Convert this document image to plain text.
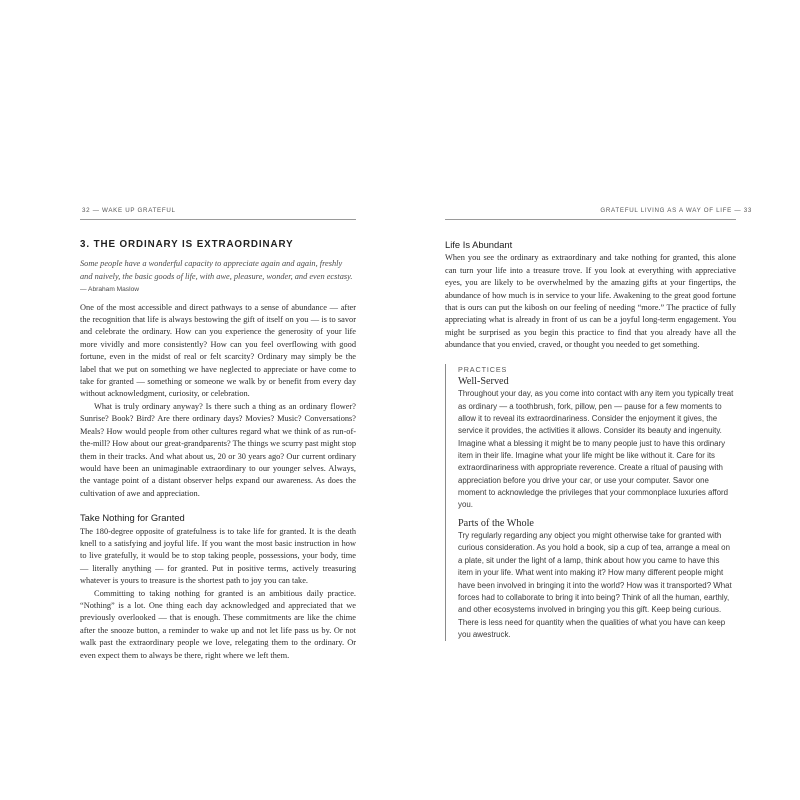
32 — WAKE UP GRATEFUL
3. THE ORDINARY IS EXTRAORDINARY

Some people have a wonderful capacity to appreciate again and again, freshly and naively, the basic goods of life, with awe, pleasure, wonder, and even ecstasy. — Abraham Maslow

One of the most accessible and direct pathways to a sense of abundance — after the recognition that life is always bestowing the gift of itself on you — is to savor and celebrate the ordinary. How can you experience the generosity of your life more vividly and more consistently? How can you feel overflowing with good fortune, even in the midst of real or felt scarcity? Ordinary may simply be the label that we put on something we have neglected to appreciate or have come to take for granted — something or someone we walk by or benefit from every day without acknowledgment, curiosity, or celebration.

What is truly ordinary anyway? Is there such a thing as an ordinary flower? Sunrise? Book? Bird? Are there ordinary days? Movies? Music? Conversations? Meals? How would people from other cultures regard what we think of as run-of-the-mill? How about our great-grandparents? The things we scurry past might stop them in their tracks. And what about us, 20 or 30 years ago? Our current ordinary would have been an unimaginable extraordinary to our younger selves. Always, the vantage point of a distant observer helps expand our awareness. As does the cultivation of awe and appreciation.

Take Nothing for Granted

The 180-degree opposite of gratefulness is to take life for granted. It is the death knell to a satisfying and joyful life. If you want the most basic instruction in how to live gratefully, it would be to stop taking people, possessions, your body, time — literally anything — for granted. Put in positive terms, actively treasuring whatever is yours to treasure is the shortest path to joy you can take.

Committing to taking nothing for granted is an ambitious daily practice. “Nothing” is a lot. One thing each day acknowledged and appreciated that we previously overlooked — that is enough. These commitments are like the chime after the snooze button, a reminder to wake up and not let life pass us by. Or not walk past the extraordinary people we love, relegating them to the ordinary. Or even expect them to always be there, right where we left them.

GRATEFUL LIVING AS A WAY OF LIFE — 33
Life Is Abundant

When you see the ordinary as extraordinary and take nothing for granted, this alone can turn your life into a treasure trove. If you look at everything with appreciative eyes, you are likely to be overwhelmed by the amazing gifts at your fingertips, the abundance of how much is in service to your life. Awakening to the great good fortune that is ours can put the kibosh on our feeling of needing “more.” The practice of fully appreciating what is already in front of us can be a joyful long-term engagement. You might be surprised as you begin this practice to find that you already have all the abundance that you envied, craved, or thought you needed to get something.

PRACTICES
Well-Served

Throughout your day, as you come into contact with any item you typically treat as ordinary — a toothbrush, fork, pillow, pen — pause for a few moments to allow it to reveal its extraordinariness. Consider the enjoyment it gives, the service it provides, the activities it allows. Consider its beauty and ingenuity. Imagine what a blessing it might be to many people just to have this ordinary item in their life. Imagine what your life might be like without it. Care for its extraordinariness with appropriate reverence. Create a ritual of pausing with appreciation before you drive your car, or use your computer. Savor one moment to acknowledge the privileges that your commonplace luxuries afford you.

Parts of the Whole

Try regularly regarding any object you might otherwise take for granted with curious consideration. As you hold a book, sip a cup of tea, arrange a meal on a plate, sit under the light of a lamp, think about how you came to have this item in your life. What went into making it? How many different people might have been involved in bringing it into the world? How was it transported? What forces had to collaborate to bring it into being? Think of all the human, earthly, and other ecosystems involved in bringing you this gift. Keep being curious. There is less need for quantity when the qualities of what you have can keep you awestruck.
